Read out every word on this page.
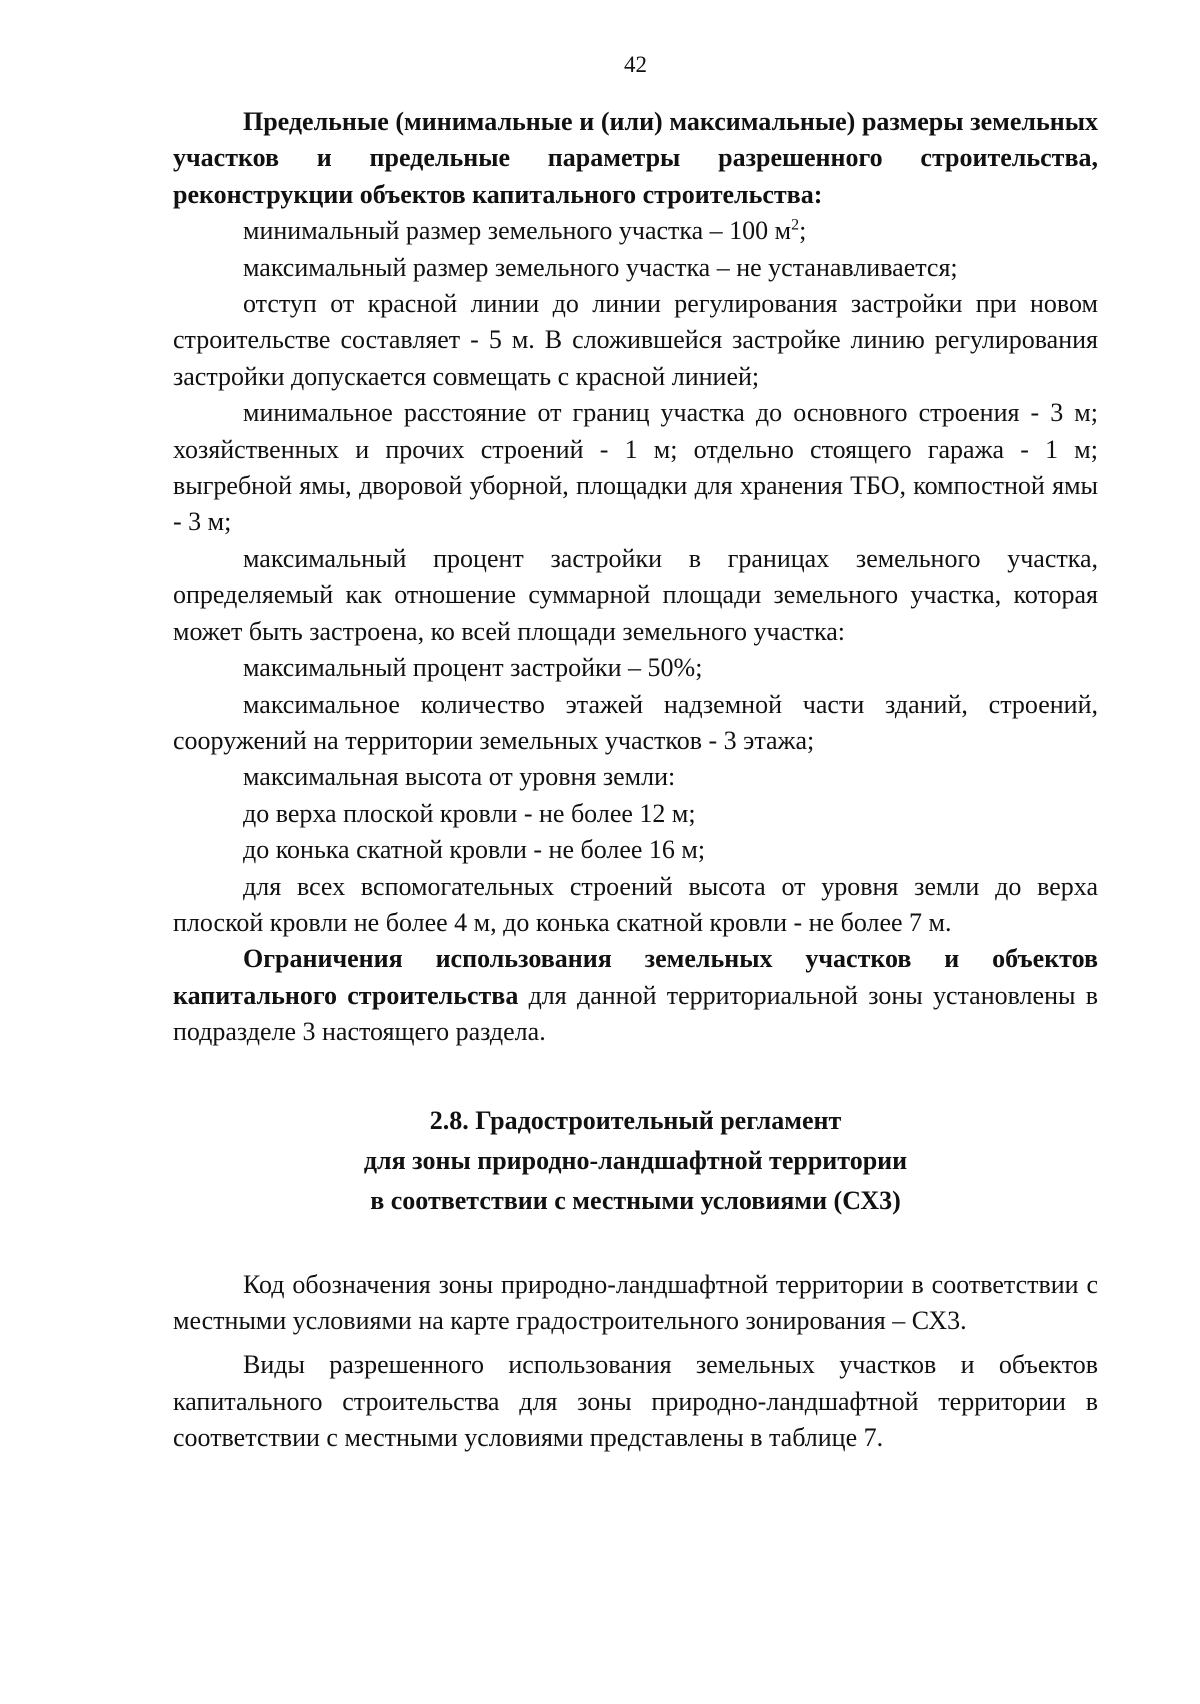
42

Предельные (минимальные и (или) максимальные) размеры земельных участков и предельные параметры разрешенного строительства, реконструкции объектов капитального строительства:

минимальный размер земельного участка – 100 $м^2$;

максимальный размер земельного участка – не устанавливается;

отступ от красной линии до линии регулирования застройки при новом строительстве составляет - 5 м. В сложившейся застройке линию регулирования застройки допускается совмещать с красной линией;

минимальное расстояние от границ участка до основного строения - 3 м; хозяйственных и прочих строений - 1 м; отдельно стоящего гаража - 1 м; выгребной ямы, дворовой уборной, площадки для хранения ТБО, компостной ямы - 3 м;

максимальный процент застройки в границах земельного участка, определяемый как отношение суммарной площади земельного участка, которая может быть застроена, ко всей площади земельного участка:

максимальный процент застройки – 50%;

максимальное количество этажей надземной части зданий, строений, сооружений на территории земельных участков - 3 этажа;

максимальная высота от уровня земли:

до верха плоской кровли - не более 12 м;

до конька скатной кровли - не более 16 м;

для всех вспомогательных строений высота от уровня земли до верха плоской кровли не более 4 м, до конька скатной кровли - не более 7 м.

Ограничения использования земельных участков и объектов капитального строительства для данной территориальной зоны установлены в подразделе 3 настоящего раздела.

2.8. Градостроительный регламент
для зоны природно-ландшафтной территории
в соответствии с местными условиями (СХ3)

Код обозначения зоны природно-ландшафтной территории в соответствии с местными условиями на карте градостроительного зонирования – СХ3.

Виды разрешенного использования земельных участков и объектов капитального строительства для зоны природно-ландшафтной территории в соответствии с местными условиями представлены в таблице 7.
